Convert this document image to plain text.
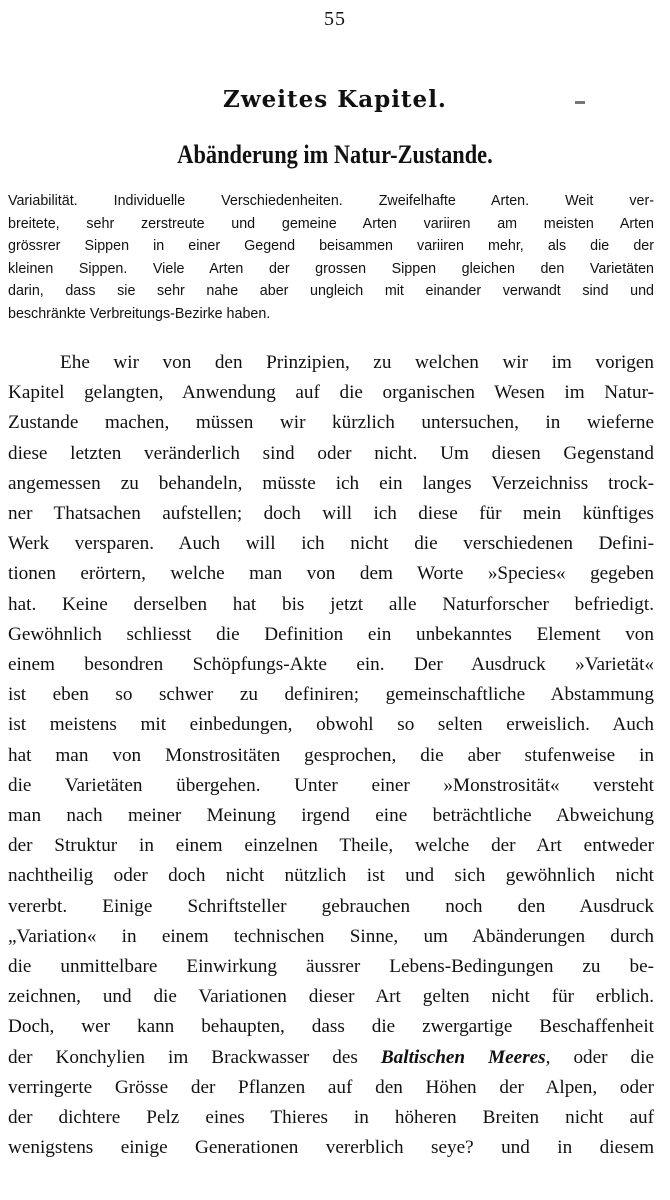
55
Zweites Kapitel.
Abänderung im Natur-Zustande.
Variabilität. Individuelle Verschiedenheiten. Zweifelhafte Arten. Weit ver-
breitete, sehr zerstreute und gemeine Arten variiren am meisten Arten
grössrer Sippen in einer Gegend beisammen variiren mehr, als die der
kleinen Sippen. Viele Arten der grossen Sippen gleichen den Varietäten
darin, dass sie sehr nahe aber ungleich mit einander verwandt sind und
beschränkte Verbreitungs-Bezirke haben.
Ehe wir von den Prinzipien, zu welchen wir im vorigen
Kapitel gelangten, Anwendung auf die organischen Wesen im Natur-
Zustande machen, müssen wir kürzlich untersuchen, in wieferne
diese letzten veränderlich sind oder nicht. Um diesen Gegenstand
angemessen zu behandeln, müsste ich ein langes Verzeichniss trock-
ner Thatsachen aufstellen; doch will ich diese für mein künftiges
Werk versparen. Auch will ich nicht die verschiedenen Defini-
tionen erörtern, welche man von dem Worte »Species« gegeben
hat. Keine derselben hat bis jetzt alle Naturforscher befriedigt.
Gewöhnlich schliesst die Definition ein unbekanntes Element von
einem besondren Schöpfungs-Akte ein. Der Ausdruck »Varietät«
ist eben so schwer zu definiren; gemeinschaftliche Abstammung
ist meistens mit einbedungen, obwohl so selten erweislich. Auch
hat man von Monstrositäten gesprochen, die aber stufenweise in
die Varietäten übergehen. Unter einer »Monstrosität« versteht
man nach meiner Meinung irgend eine beträchtliche Abweichung
der Struktur in einem einzelnen Theile, welche der Art entweder
nachtheilig oder doch nicht nützlich ist und sich gewöhnlich nicht
vererbt. Einige Schriftsteller gebrauchen noch den Ausdruck
„Variation« in einem technischen Sinne, um Abänderungen durch
die unmittelbare Einwirkung äussrer Lebens-Bedingungen zu be-
zeichnen, und die Variationen dieser Art gelten nicht für erblich.
Doch, wer kann behaupten, dass die zwergartige Beschaffenheit
der Konchylien im Brackwasser des Baltischen Meeres, oder die
verringerte Grösse der Pflanzen auf den Höhen der Alpen, oder
der dichtere Pelz eines Thieres in höheren Breiten nicht auf
wenigstens einige Generationen vererblich seye? und in diesem
